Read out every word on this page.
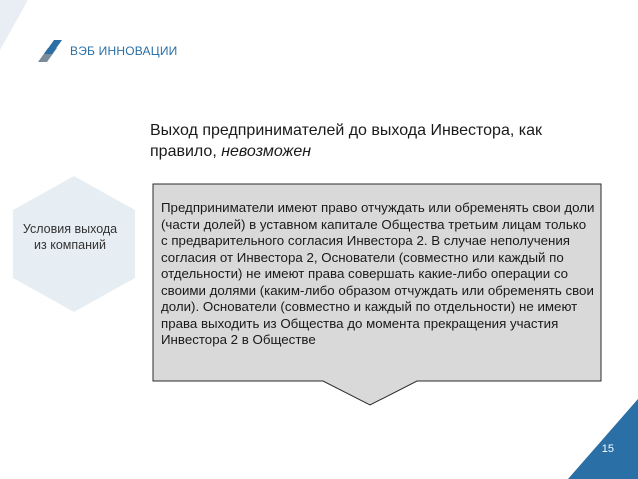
ВЭБ ИННОВАЦИИ
Выход предпринимателей до выхода Инвестора, как правило, невозможен
Условия выхода из компаний
Предприниматели имеют право отчуждать или обременять свои доли (части долей) в уставном капитале Общества третьим лицам только с предварительного согласия Инвестора 2. В случае неполучения согласия от Инвестора 2, Основатели (совместно или каждый по отдельности) не имеют права совершать какие-либо операции со своими долями (каким-либо образом отчуждать или обременять свои доли). Основатели (совместно и каждый по отдельности) не имеют права выходить из Общества до момента прекращения участия Инвестора 2 в Обществе
15
